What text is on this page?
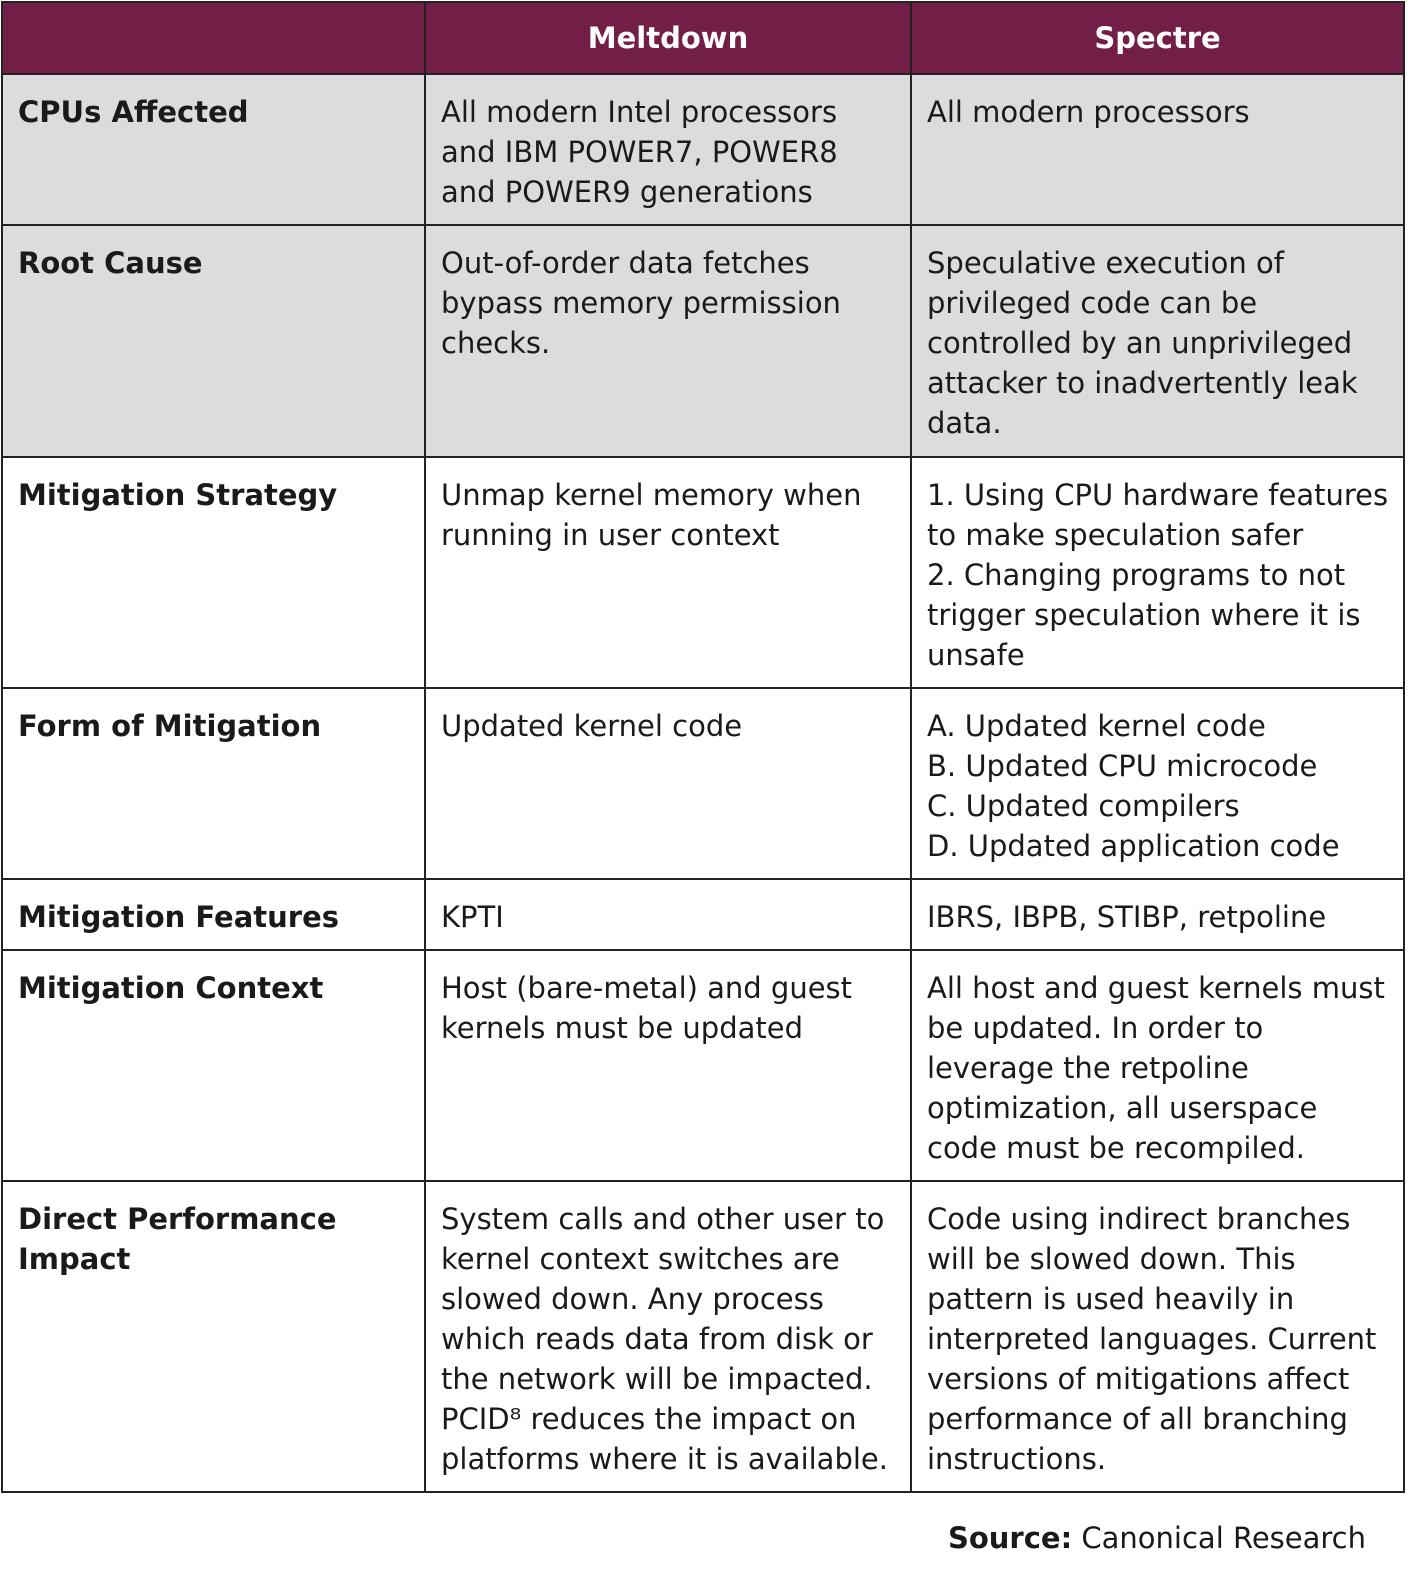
	Meltdown	Spectre
CPUs Affected	All modern Intel processors and IBM POWER7, POWER8 and POWER9 generations	All modern processors
Root Cause	Out-of-order data fetches bypass memory permission checks.	Speculative execution of privileged code can be controlled by an unprivileged attacker to inadvertently leak data.
Mitigation Strategy	Unmap kernel memory when running in user context	1. Using CPU hardware features to make speculation safer
2. Changing programs to not trigger speculation where it is unsafe
Form of Mitigation	Updated kernel code	A. Updated kernel code
B. Updated CPU microcode
C. Updated compilers
D. Updated application code
Mitigation Features	KPTI	IBRS, IBPB, STIBP, retpoline
Mitigation Context	Host (bare-metal) and guest kernels must be updated	All host and guest kernels must be updated. In order to leverage the retpoline optimization, all userspace code must be recompiled.
Direct Performance Impact	System calls and other user to kernel context switches are slowed down. Any process which reads data from disk or the network will be impacted. PCID⁸ reduces the impact on platforms where it is available.	Code using indirect branches will be slowed down. This pattern is used heavily in interpreted languages. Current versions of mitigations affect performance of all branching instructions.
Source: Canonical Research
